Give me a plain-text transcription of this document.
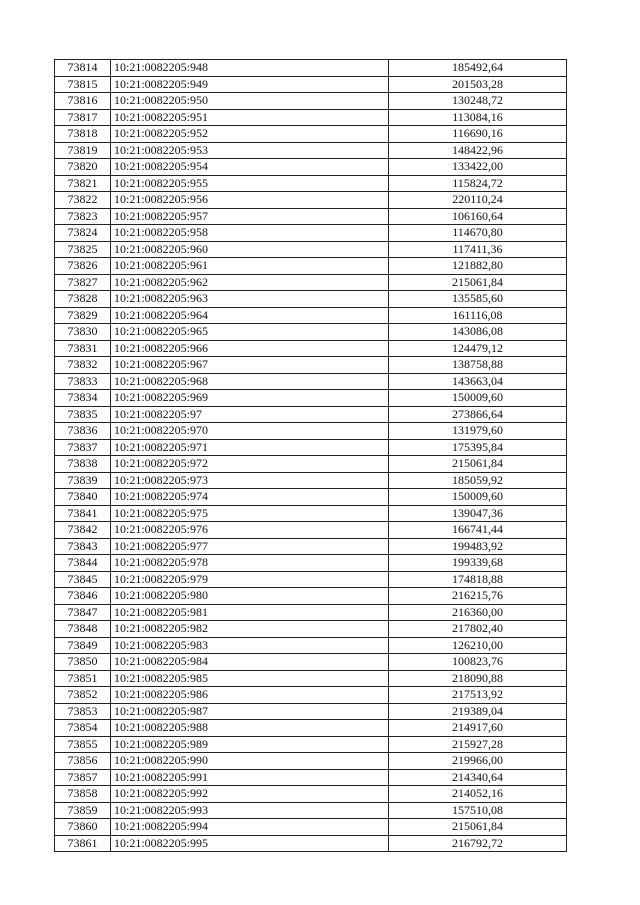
73814	10:21:0082205:948	185492,64
73815	10:21:0082205:949	201503,28
73816	10:21:0082205:950	130248,72
73817	10:21:0082205:951	113084,16
73818	10:21:0082205:952	116690,16
73819	10:21:0082205:953	148422,96
73820	10:21:0082205:954	133422,00
73821	10:21:0082205:955	115824,72
73822	10:21:0082205:956	220110,24
73823	10:21:0082205:957	106160,64
73824	10:21:0082205:958	114670,80
73825	10:21:0082205:960	117411,36
73826	10:21:0082205:961	121882,80
73827	10:21:0082205:962	215061,84
73828	10:21:0082205:963	135585,60
73829	10:21:0082205:964	161116,08
73830	10:21:0082205:965	143086,08
73831	10:21:0082205:966	124479,12
73832	10:21:0082205:967	138758,88
73833	10:21:0082205:968	143663,04
73834	10:21:0082205:969	150009,60
73835	10:21:0082205:97	273866,64
73836	10:21:0082205:970	131979,60
73837	10:21:0082205:971	175395,84
73838	10:21:0082205:972	215061,84
73839	10:21:0082205:973	185059,92
73840	10:21:0082205:974	150009,60
73841	10:21:0082205:975	139047,36
73842	10:21:0082205:976	166741,44
73843	10:21:0082205:977	199483,92
73844	10:21:0082205:978	199339,68
73845	10:21:0082205:979	174818,88
73846	10:21:0082205:980	216215,76
73847	10:21:0082205:981	216360,00
73848	10:21:0082205:982	217802,40
73849	10:21:0082205:983	126210,00
73850	10:21:0082205:984	100823,76
73851	10:21:0082205:985	218090,88
73852	10:21:0082205:986	217513,92
73853	10:21:0082205:987	219389,04
73854	10:21:0082205:988	214917,60
73855	10:21:0082205:989	215927,28
73856	10:21:0082205:990	219966,00
73857	10:21:0082205:991	214340,64
73858	10:21:0082205:992	214052,16
73859	10:21:0082205:993	157510,08
73860	10:21:0082205:994	215061,84
73861	10:21:0082205:995	216792,72
